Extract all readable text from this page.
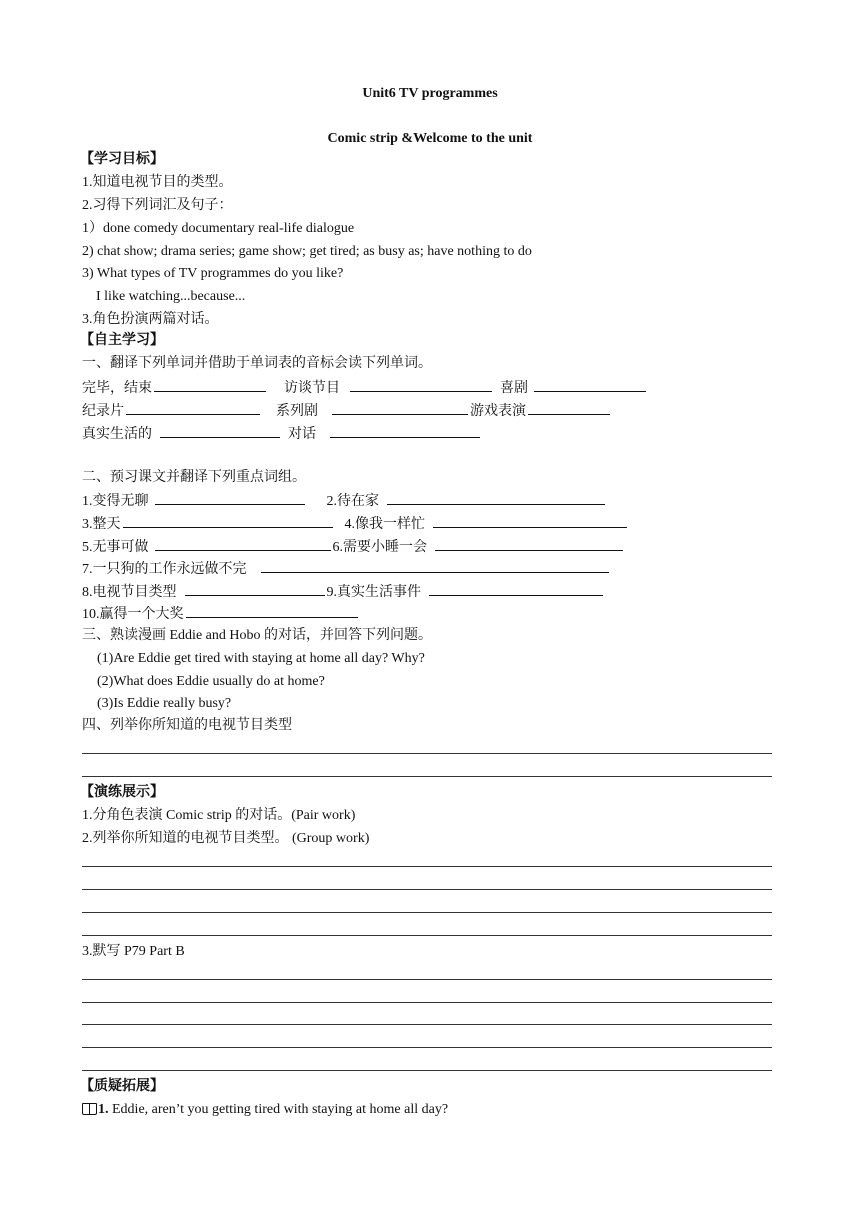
Unit6 TV programmes
Comic strip &Welcome to the unit
【学习目标】
1.知道电视节目的类型。
2.习得下列词汇及句子：
1）done comedy documentary real-life dialogue
2) chat show; drama series; game show; get tired; as busy as; have nothing to do
3) What types of TV programmes do you like?
I like watching...because...
3.角色扮演两篇对话。
【自主学习】
一、翻译下列单词并借助于单词表的音标会读下列单词。
完毕，结束	访谈节目	喜剧
纪录片	系列剧	游戏表演
真实生活的	对话
二、预习课文并翻译下列重点词组。
1.变得无聊	2.待在家
3.整天	4.像我一样忙
5.无事可做	6.需要小睡一会
7.一只狗的工作永远做不完
8.电视节目类型	9.真实生活事件
10.赢得一个大奖
三、熟读漫画 Eddie and Hobo 的对话，并回答下列问题。
(1)Are Eddie get tired with staying at home all day? Why?
(2)What does Eddie usually do at home?
(3)Is Eddie really busy?
四、列举你所知道的电视节目类型
【演练展示】
1.分角色表演 Comic strip 的对话。(Pair work)
2.列举你所知道的电视节目类型。 (Group work)
3.默写 P79 Part B
【质疑拓展】
1. Eddie, aren’t you getting tired with staying at home all day?
